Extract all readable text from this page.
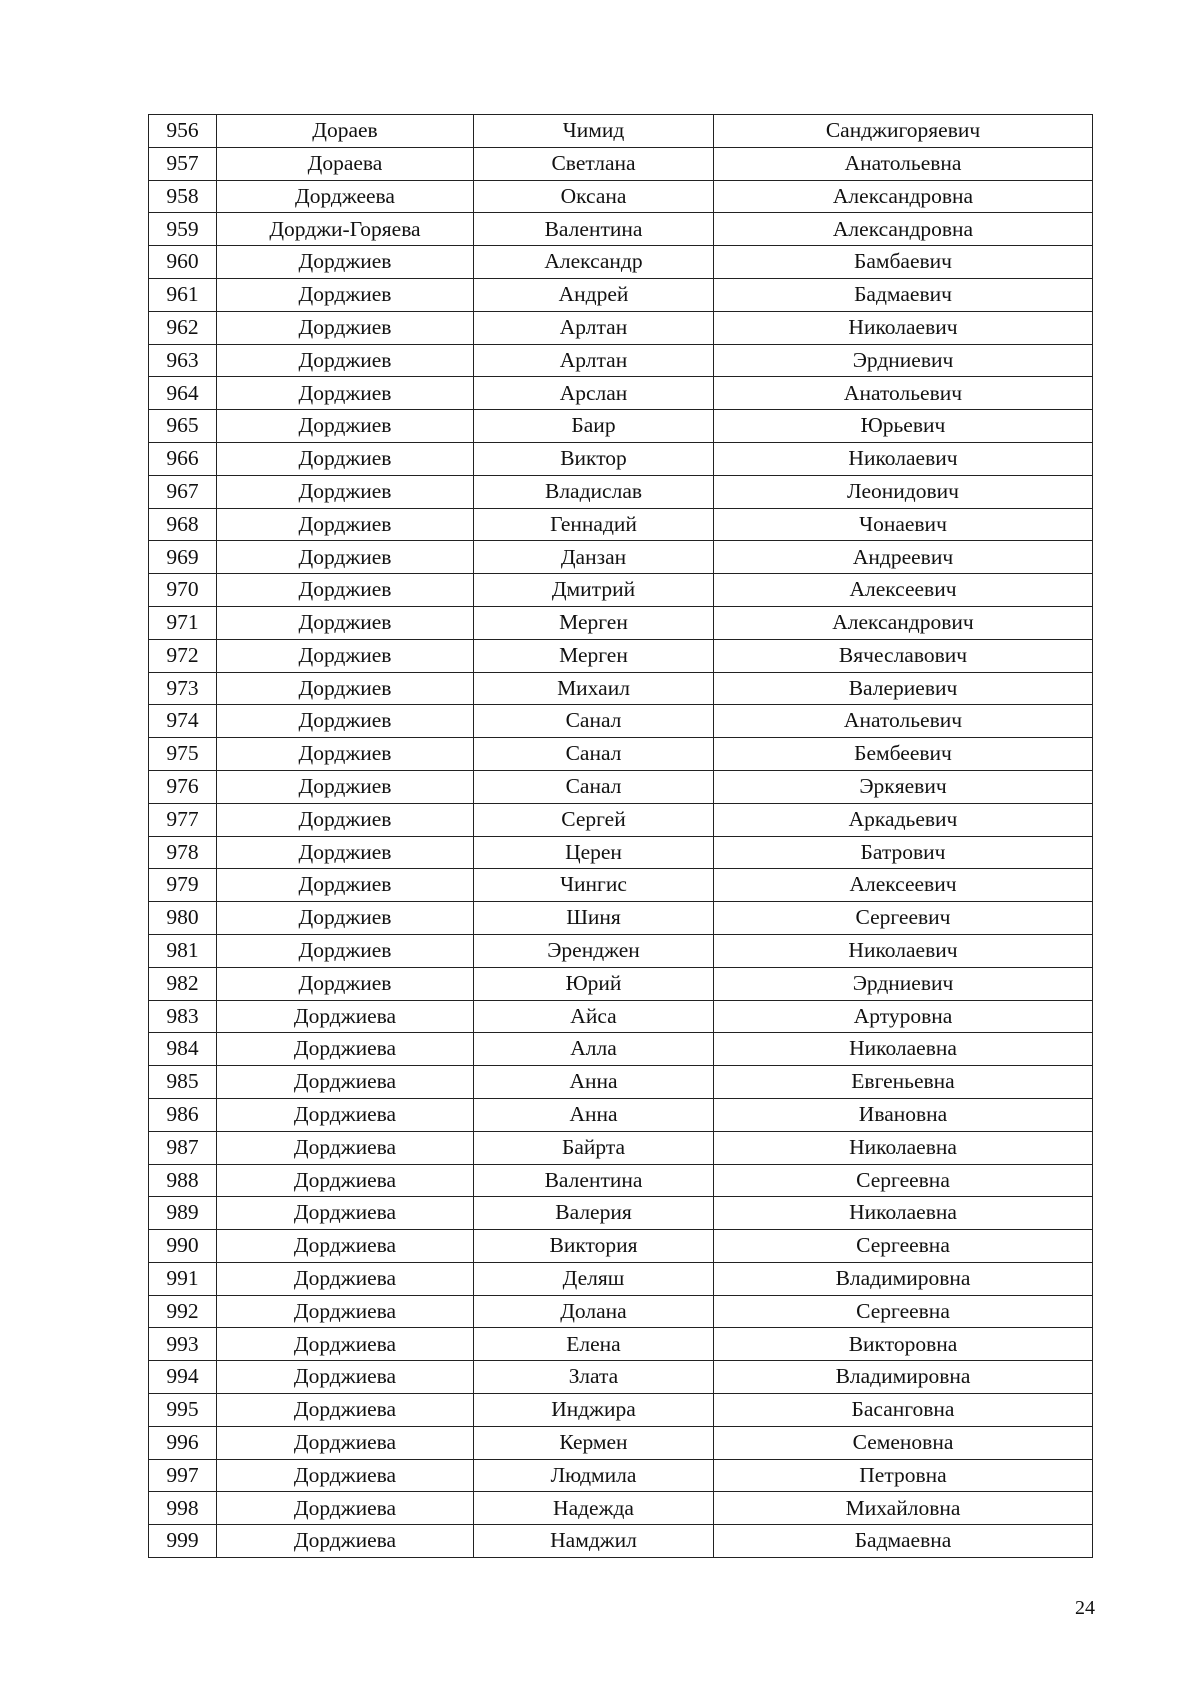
956	Дораев	Чимид	Санджигоряевич
957	Дораева	Светлана	Анатольевна
958	Дорджеева	Оксана	Александровна
959	Дорджи-Горяева	Валентина	Александровна
960	Дорджиев	Александр	Бамбаевич
961	Дорджиев	Андрей	Бадмаевич
962	Дорджиев	Арлтан	Николаевич
963	Дорджиев	Арлтан	Эрдниевич
964	Дорджиев	Арслан	Анатольевич
965	Дорджиев	Баир	Юрьевич
966	Дорджиев	Виктор	Николаевич
967	Дорджиев	Владислав	Леонидович
968	Дорджиев	Геннадий	Чонаевич
969	Дорджиев	Данзан	Андреевич
970	Дорджиев	Дмитрий	Алексеевич
971	Дорджиев	Мерген	Александрович
972	Дорджиев	Мерген	Вячеславович
973	Дорджиев	Михаил	Валериевич
974	Дорджиев	Санал	Анатольевич
975	Дорджиев	Санал	Бембеевич
976	Дорджиев	Санал	Эркяевич
977	Дорджиев	Сергей	Аркадьевич
978	Дорджиев	Церен	Батрович
979	Дорджиев	Чингис	Алексеевич
980	Дорджиев	Шиня	Сергеевич
981	Дорджиев	Эренджен	Николаевич
982	Дорджиев	Юрий	Эрдниевич
983	Дорджиева	Айса	Артуровна
984	Дорджиева	Алла	Николаевна
985	Дорджиева	Анна	Евгеньевна
986	Дорджиева	Анна	Ивановна
987	Дорджиева	Байрта	Николаевна
988	Дорджиева	Валентина	Сергеевна
989	Дорджиева	Валерия	Николаевна
990	Дорджиева	Виктория	Сергеевна
991	Дорджиева	Деляш	Владимировна
992	Дорджиева	Долана	Сергеевна
993	Дорджиева	Елена	Викторовна
994	Дорджиева	Злата	Владимировна
995	Дорджиева	Инджира	Басанговна
996	Дорджиева	Кермен	Семеновна
997	Дорджиева	Людмила	Петровна
998	Дорджиева	Надежда	Михайловна
999	Дорджиева	Намджил	Бадмаевна
24
